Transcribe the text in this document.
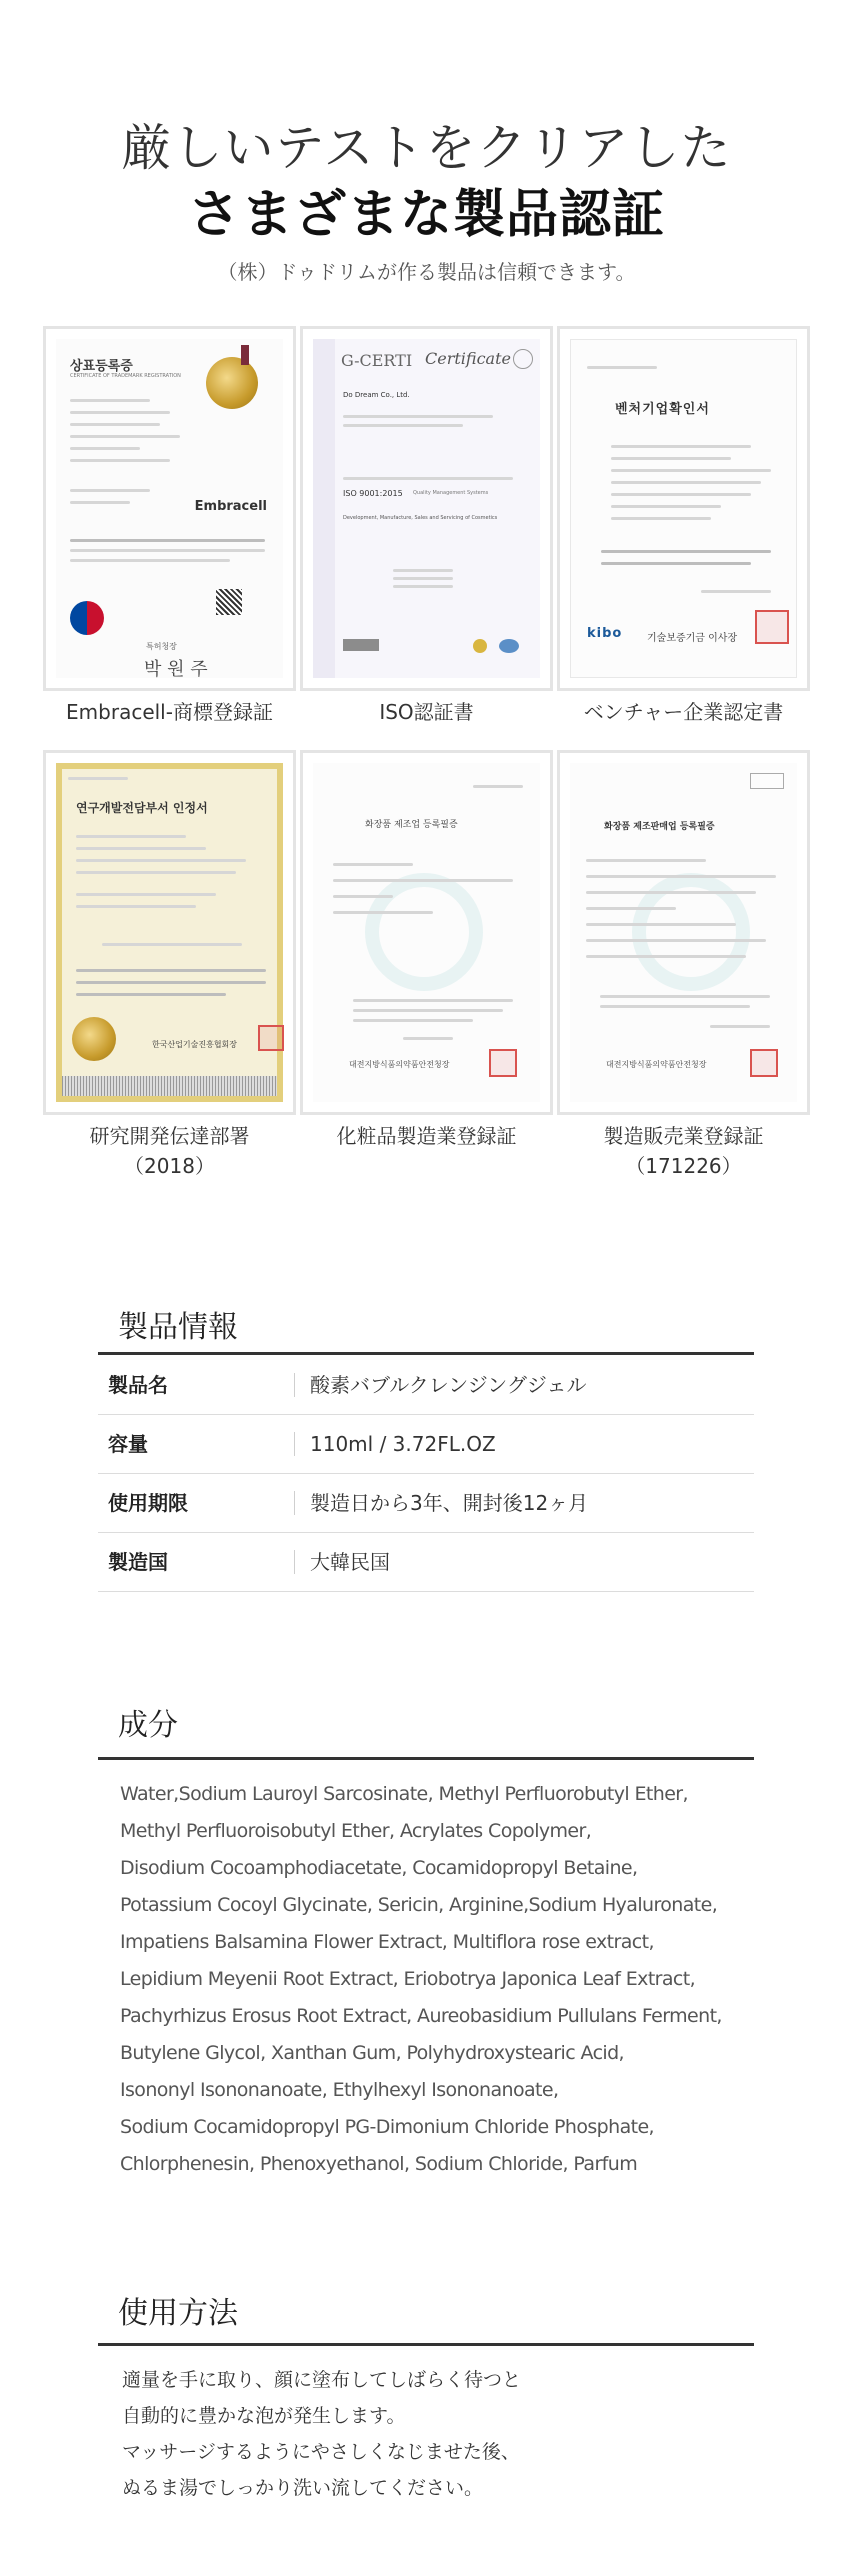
厳しいテストをクリアした
さまざまな製品認証
（株）ドゥドリムが作る製品は信頼できます。
상표등록증
CERTIFICATE OF TRADEMARK REGISTRATION
Embracell
특허청장
박 원 주
Embracell-商標登録証
G-CERTI Certificate
Do Dream Co., Ltd.
ISO 9001:2015 Quality Management Systems
Development, Manufacture, Sales and Servicing of Cosmetics
ISO認証書
벤처기업확인서
kibo 기술보증기금 이사장
ベンチャー企業認定書
연구개발전담부서 인정서
한국산업기술진흥협회장
研究開発伝達部署
（2018）
화장품 제조업 등록필증
대전지방식품의약품안전청장
化粧品製造業登録証
화장품 제조판매업 등록필증
대전지방식품의약품안전청장
製造販売業登録証
（171226）
製品情報
製品名	酸素バブルクレンジングジェル
容量	110ml / 3.72FL.OZ
使用期限	製造日から3年、開封後12ヶ月
製造国	大韓民国
成分
Water,Sodium Lauroyl Sarcosinate, Methyl Perfluorobutyl Ether,
Methyl Perfluoroisobutyl Ether, Acrylates Copolymer,
Disodium Cocoamphodiacetate, Cocamidopropyl Betaine,
Potassium Cocoyl Glycinate, Sericin, Arginine,Sodium Hyaluronate,
Impatiens Balsamina Flower Extract, Multiflora rose extract,
Lepidium Meyenii Root Extract, Eriobotrya Japonica Leaf Extract,
Pachyrhizus Erosus Root Extract, Aureobasidium Pullulans Ferment,
Butylene Glycol, Xanthan Gum, Polyhydroxystearic Acid,
Isononyl Isononanoate, Ethylhexyl Isononanoate,
Sodium Cocamidopropyl PG-Dimonium Chloride Phosphate,
Chlorphenesin, Phenoxyethanol, Sodium Chloride, Parfum
使用方法
適量を手に取り、顔に塗布してしばらく待つと
自動的に豊かな泡が発生します。
マッサージするようにやさしくなじませた後、
ぬるま湯でしっかり洗い流してください。
